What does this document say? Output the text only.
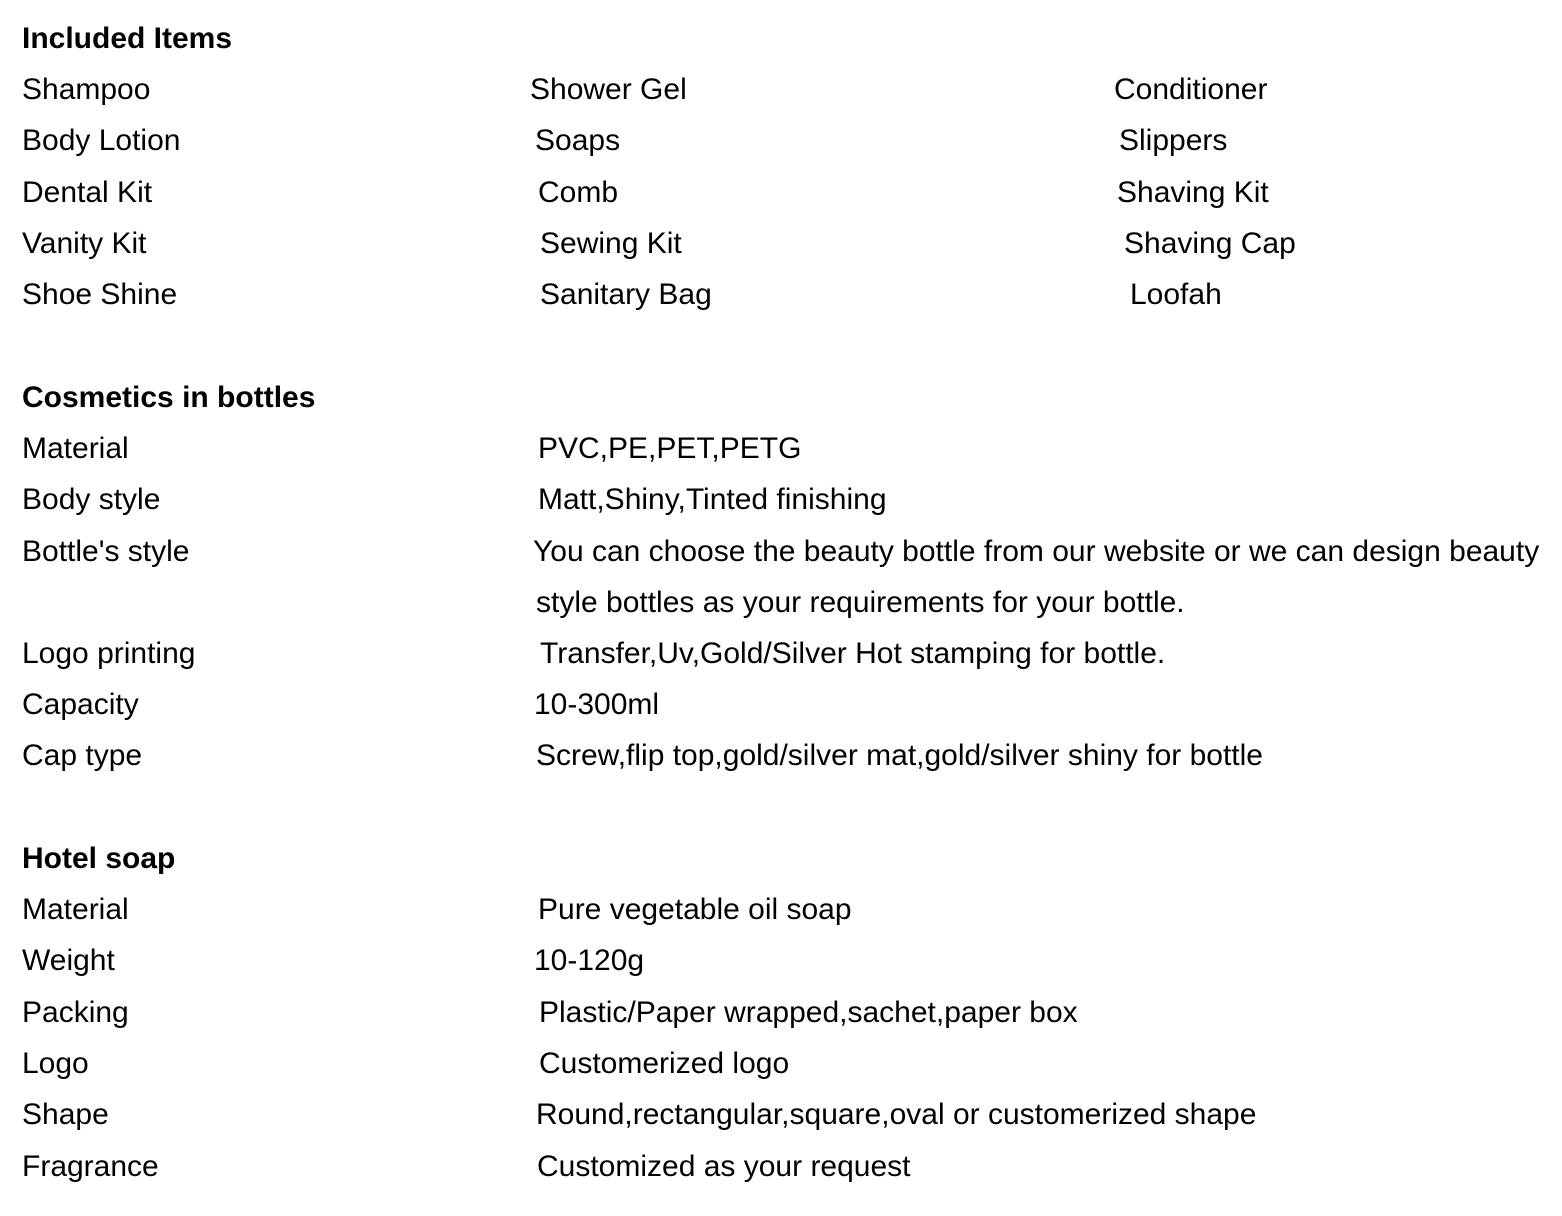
Included Items
Shampoo	Shower Gel	Conditioner
Body Lotion	Soaps	Slippers
Dental Kit	Comb	Shaving Kit
Vanity Kit	Sewing Kit	Shaving Cap
Shoe Shine	Sanitary Bag	Loofah
Cosmetics in bottles
Material	PVC,PE,PET,PETG
Body style	Matt,Shiny,Tinted finishing
Bottle's style	You can choose the beauty bottle from our website or we can design beauty
style bottles as your requirements for your bottle.
Logo printing	Transfer,Uv,Gold/Silver Hot stamping for bottle.
Capacity	10-300ml
Cap type	Screw,flip top,gold/silver mat,gold/silver shiny for bottle
Hotel soap
Material	Pure vegetable oil soap
Weight	10-120g
Packing	Plastic/Paper wrapped,sachet,paper box
Logo	Customerized logo
Shape	Round,rectangular,square,oval or customerized shape
Fragrance	Customized as your request
